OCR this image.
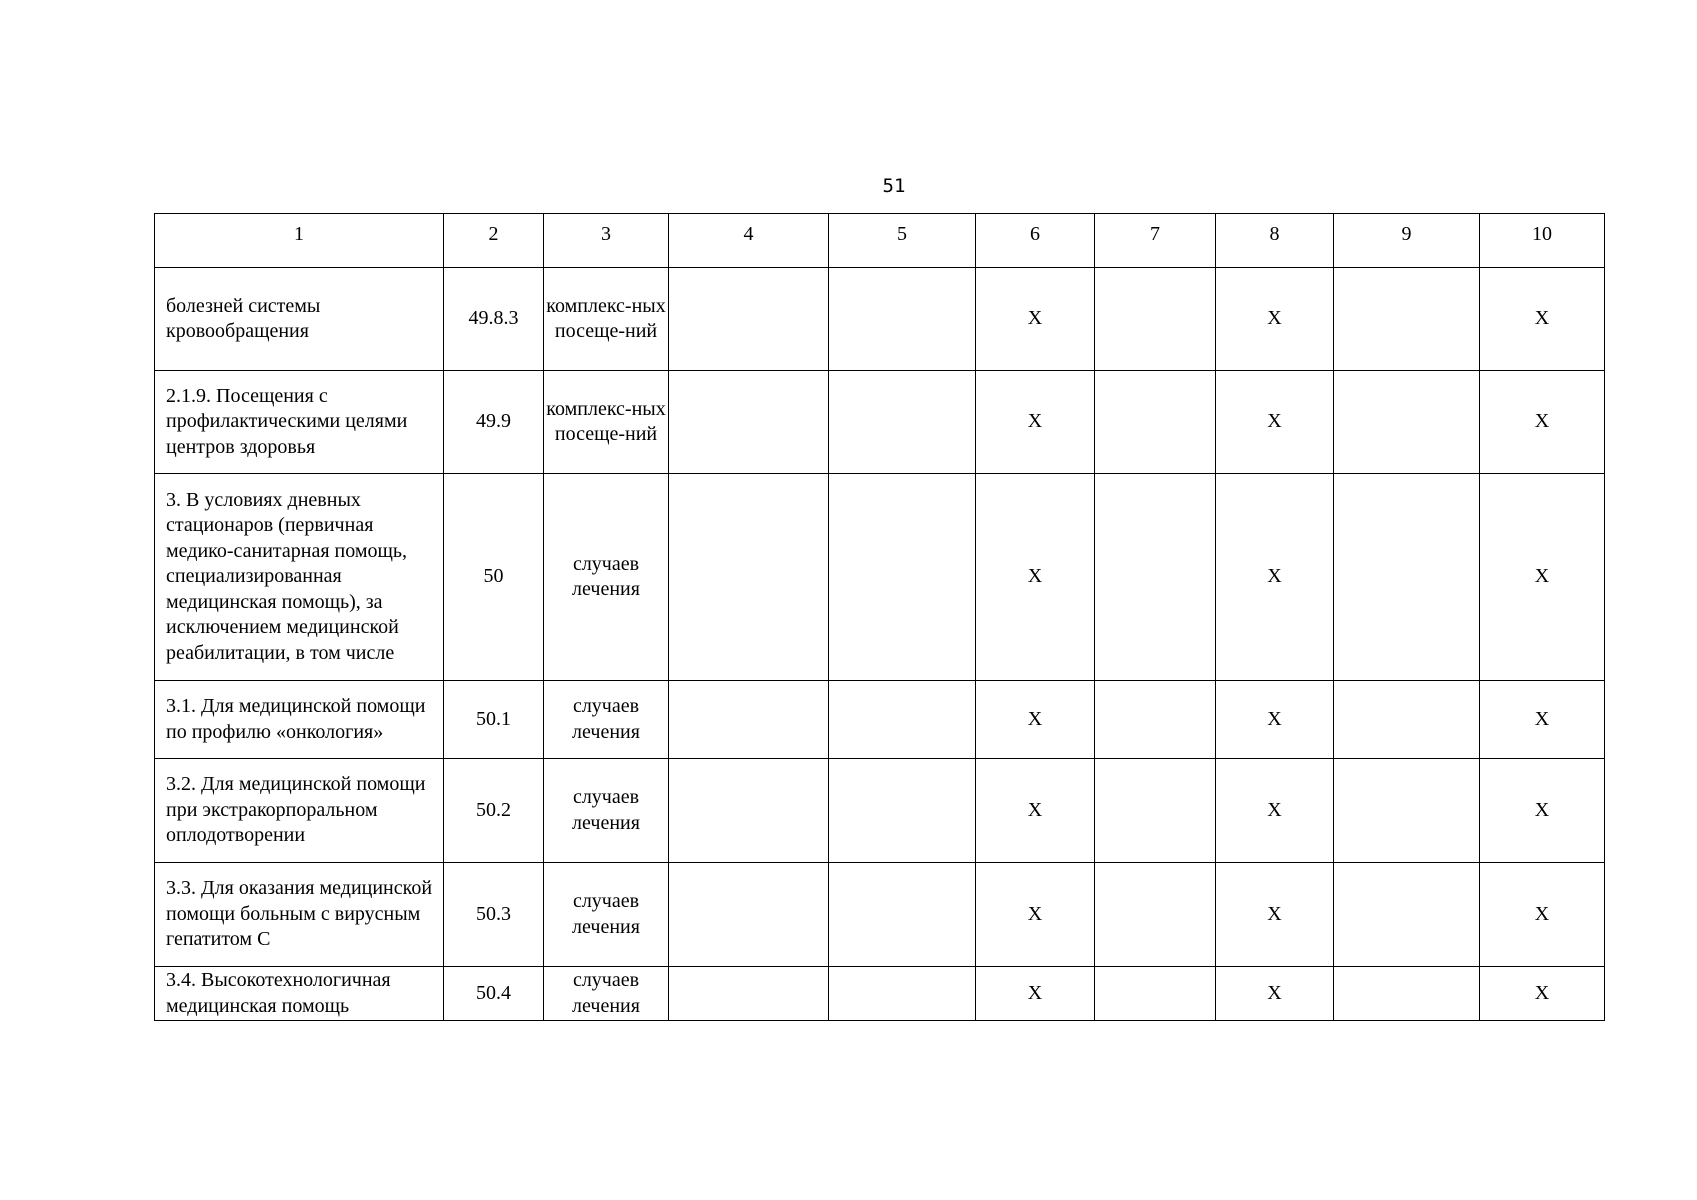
51
1	2	3	4	5	6	7	8	9	10

болезней системы кровообращения	49.8.3	комплекс-ных посеще-ний			X		X		X

2.1.9. Посещения с профилактическими целями центров здоровья	49.9	комплекс-ных посеще-ний			X		X		X

3. В условиях дневных стационаров (первичная медико-санитарная помощь, специализированная медицинская помощь), за исключением медицинской реабилитации, в том числе	50	случаев лечения			X		X		X

3.1. Для медицинской помощи по профилю «онкология»	50.1	случаев лечения			X		X		X

3.2. Для медицинской помощи при экстракорпоральном оплодотворении	50.2	случаев лечения			X		X		X

3.3. Для оказания медицинской помощи больным с вирусным гепатитом С	50.3	случаев лечения			X		X		X

3.4. Высокотехнологичная медицинская помощь	50.4	случаев лечения			X		X		X
